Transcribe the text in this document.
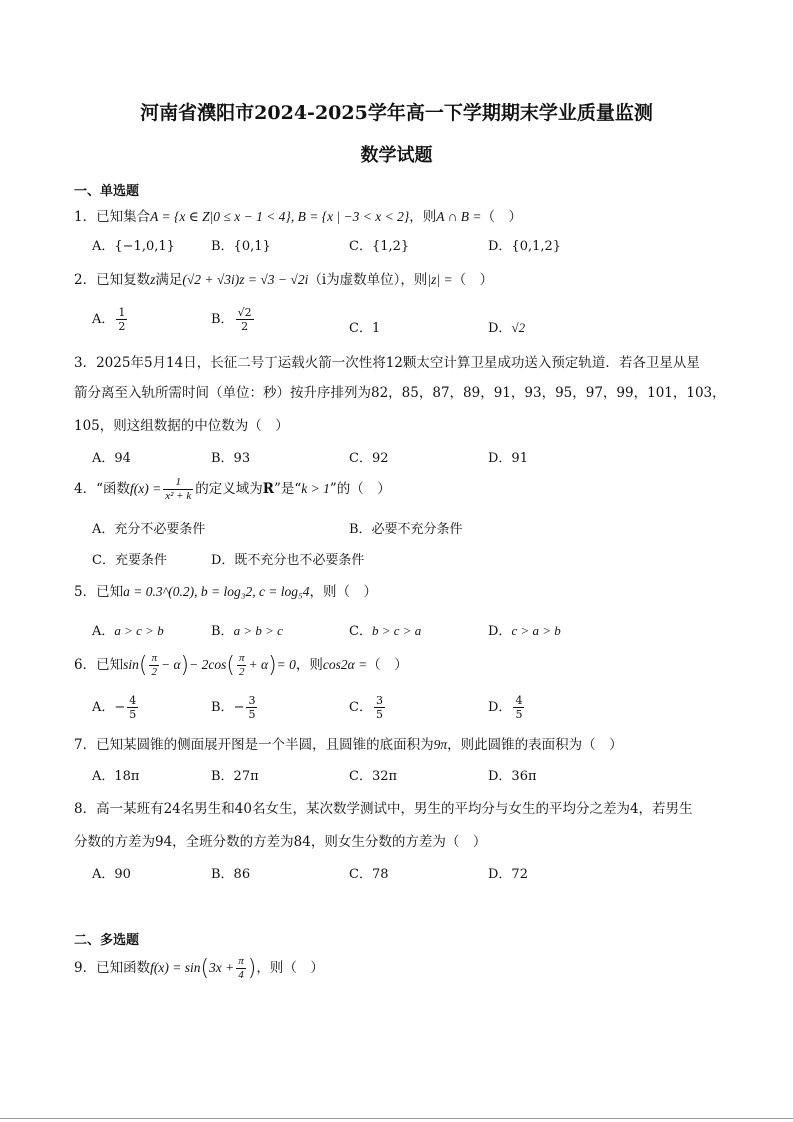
河南省濮阳市2024-2025学年高一下学期期末学业质量监测
数学试题
一、单选题
1．已知集合A = {x ∈ Z|0 ≤ x − 1 < 4}, B = {x | −3 < x < 2}，则A ∩ B =（　）
A．{−1,0,1}	B．{0,1}	C．{1,2}	D．{0,1,2}
2．已知复数z满足(√2 + √3i)z = √3 − √2i（i为虚数单位），则|z| =（　）
A． $\frac{1}{2}$	B． $\frac{√2}{2}$	C．1	D．√2
3．2025年5月14日，长征二号丁运载火箭一次性将12颗太空计算卫星成功送入预定轨道．若各卫星从星
箭分离至入轨所需时间（单位：秒）按升序排列为82，85，87，89，91，93，95，97，99，101，103，
105，则这组数据的中位数为（　）
A．94	B．93	C．92	D．91
4．“函数$f(x) = \frac{1}{\text{x² + k}}$ 的定义域为R”是“k > 1”的（　）
A．充分不必要条件	B．必要不充分条件
C．充要条件	D．既不充分也不必要条件
5．已知a = 0.3^(0.2), b = log₃2, c = log₅4，则（　）
A．a > c > b	B．a > b > c	C．b > c > a	D．c > a > b
6．已知$\sin( \frac{\pi}{2} - \alpha)- 2\cos( \frac{\pi}{2} + \alpha)= 0$，则cos2α =（　）
A．− $\frac{4}{5}$	B．− $\frac{3}{5}$	C． $\frac{3}{5}$	D． $\frac{4}{5}$
7．已知某圆锥的侧面展开图是一个半圆，且圆锥的底面积为9π，则此圆锥的表面积为（　）
A．18π	B．27π	C．32π	D．36π
8．高一某班有24名男生和40名女生，某次数学测试中，男生的平均分与女生的平均分之差为4，若男生
分数的方差为94，全班分数的方差为84，则女生分数的方差为（　）
A．90	B．86	C．78	D．72
二、多选题
9．已知函数$f(x) = \sin(3x + \frac{\pi}{4}$ )，则（　）
